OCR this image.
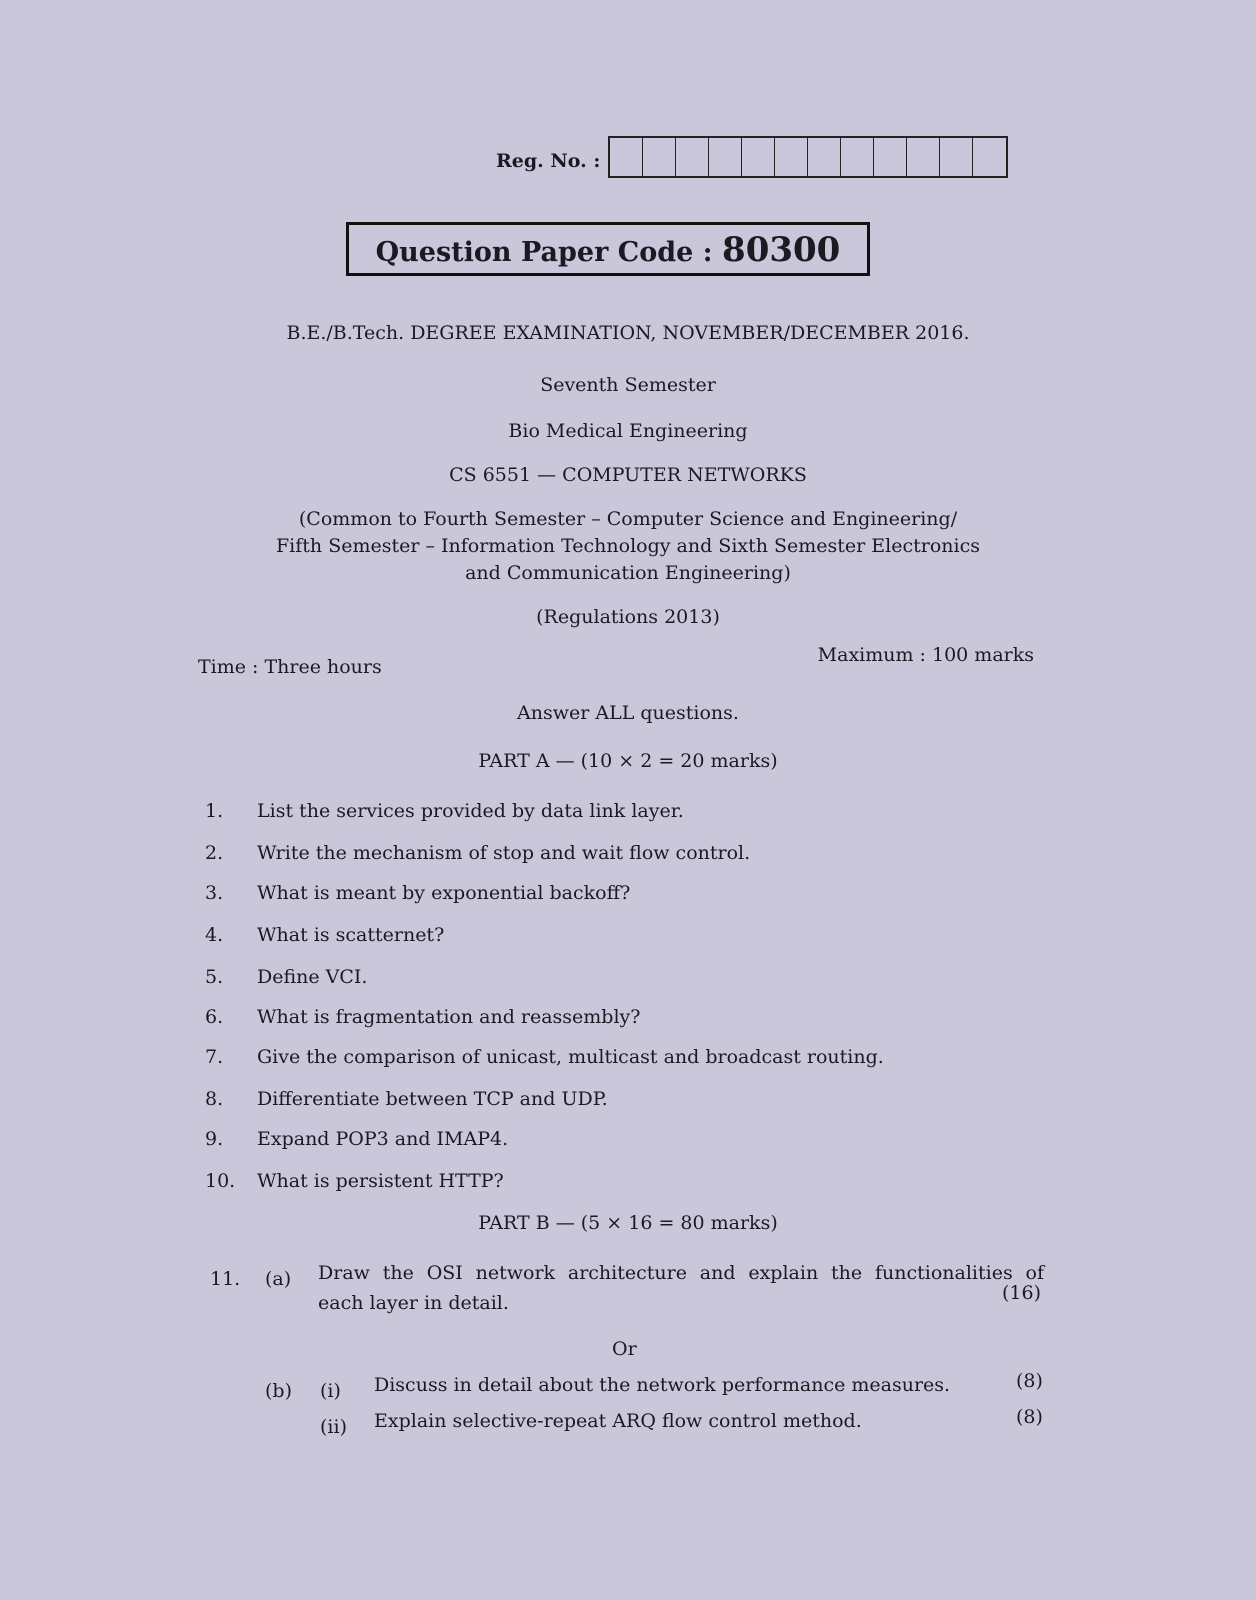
Reg. No. :
Question Paper Code : 80300
B.E./B.Tech. DEGREE EXAMINATION, NOVEMBER/DECEMBER 2016.
Seventh Semester
Bio Medical Engineering
CS 6551 — COMPUTER NETWORKS
(Common to Fourth Semester – Computer Science and Engineering/
Fifth Semester – Information Technology and Sixth Semester Electronics
and Communication Engineering)
(Regulations 2013)
Time : Three hours
Maximum : 100 marks
Answer ALL questions.
PART A — (10 × 2 = 20 marks)
1.	List the services provided by data link layer.
2.	Write the mechanism of stop and wait flow control.
3.	What is meant by exponential backoff?
4.	What is scatternet?
5.	Define VCI.
6.	What is fragmentation and reassembly?
7.	Give the comparison of unicast, multicast and broadcast routing.
8.	Differentiate between TCP and UDP.
9.	Expand POP3 and IMAP4.
10.	What is persistent HTTP?
PART B — (5 × 16 = 80 marks)
11. (a) Draw the OSI network architecture and explain the functionalities of
each layer in detail.	(16)
Or
(b) (i) Discuss in detail about the network performance measures.	(8)
(ii) Explain selective-repeat ARQ flow control method.	(8)
